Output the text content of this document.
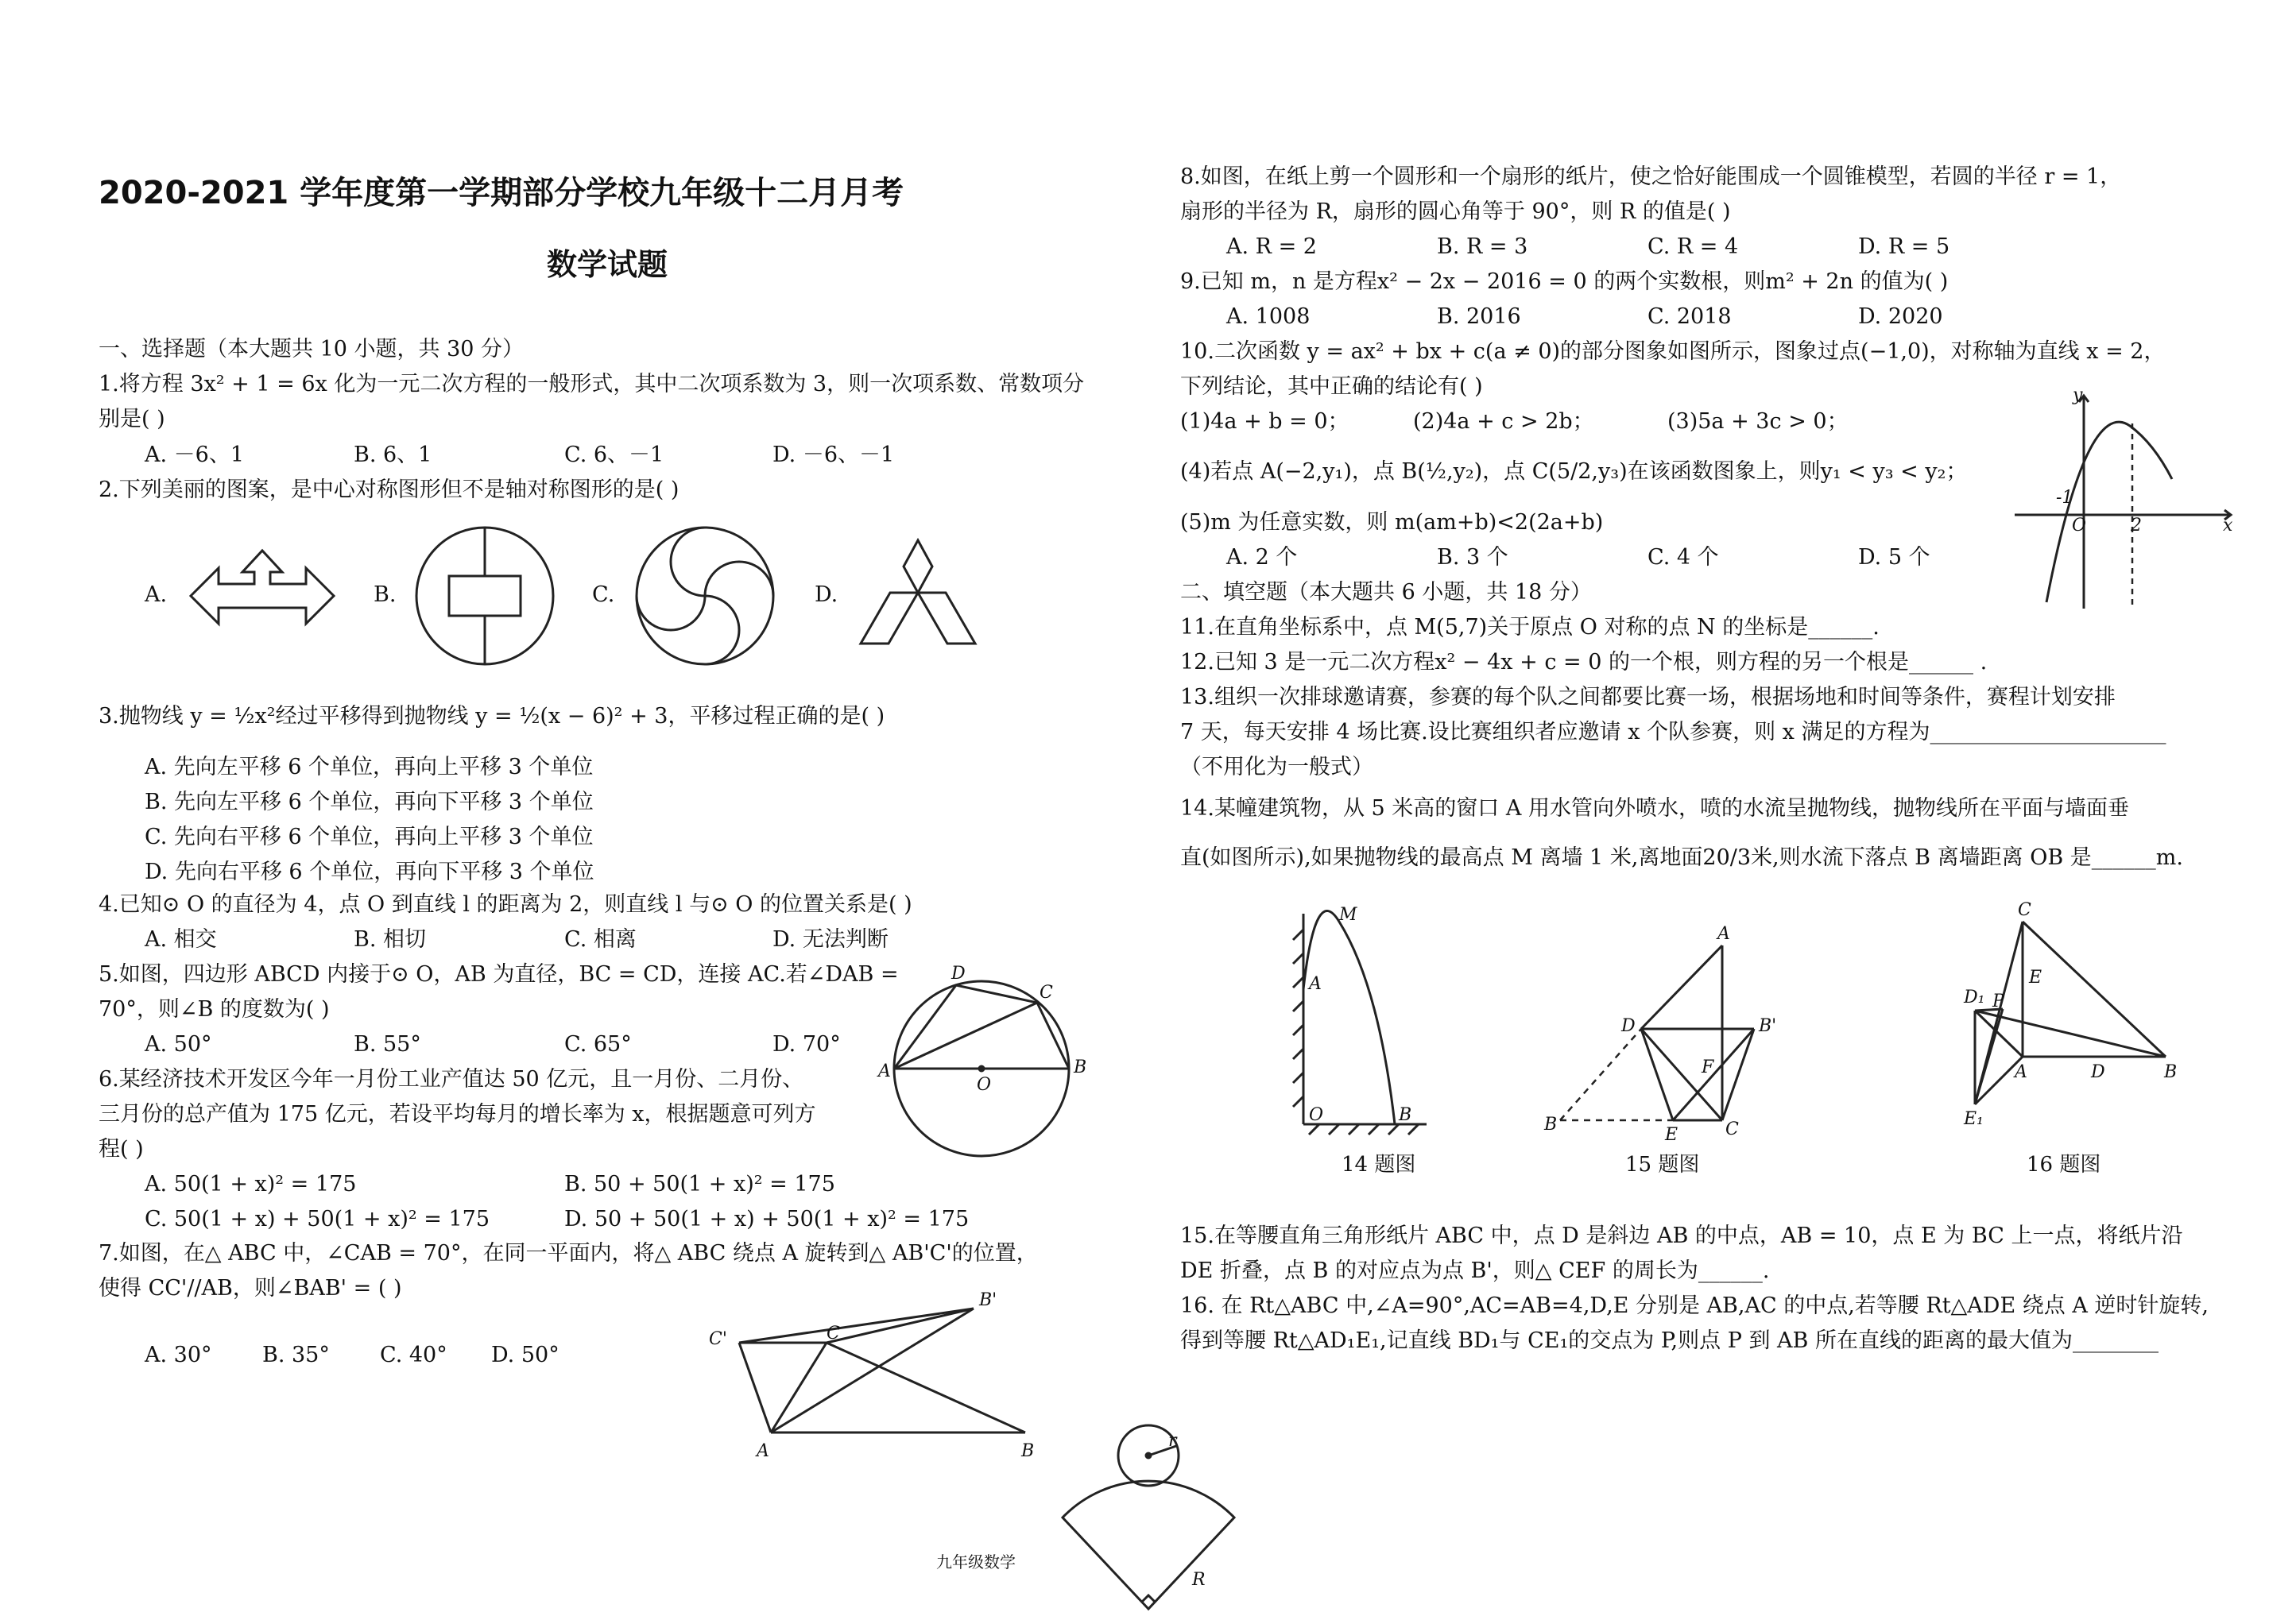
2020-2021 学年度第一学期部分学校九年级十二月月考
数学试题
一、选择题（本大题共 10 小题，共 30 分）
1.将方程 3x² + 1 = 6x 化为一元二次方程的一般形式，其中二次项系数为 3，则一次项系数、常数项分
别是( )
A. －6、1	B. 6、1	C. 6、－1	D. －6、－1
2.下列美丽的图案，是中心对称图形但不是轴对称图形的是( )
A.	B.	C.	D.
3.抛物线 y = ½x²经过平移得到抛物线 y = ½(x − 6)² + 3，平移过程正确的是( )
A. 先向左平移 6 个单位，再向上平移 3 个单位
B. 先向左平移 6 个单位，再向下平移 3 个单位
C. 先向右平移 6 个单位，再向上平移 3 个单位
D. 先向右平移 6 个单位，再向下平移 3 个单位
4.已知⊙ O 的直径为 4，点 O 到直线 l 的距离为 2，则直线 l 与⊙ O 的位置关系是( )
A. 相交	B. 相切	C. 相离	D. 无法判断
5.如图，四边形 ABCD 内接于⊙ O，AB 为直径，BC = CD，连接 AC.若∠DAB =
70°，则∠B 的度数为( )
A. 50°	B. 55°	C. 65°	D. 70°
D
C
A
O
B
6.某经济技术开发区今年一月份工业产值达 50 亿元，且一月份、二月份、
三月份的总产值为 175 亿元，若设平均每月的增长率为 x，根据题意可列方
程( )
A. 50(1 + x)² = 175	B. 50 + 50(1 + x)² = 175
C. 50(1 + x) + 50(1 + x)² = 175	D. 50 + 50(1 + x) + 50(1 + x)² = 175
7.如图，在△ ABC 中，∠CAB = 70°，在同一平面内，将△ ABC 绕点 A 旋转到△ AB'C'的位置，
使得 CC'//AB，则∠BAB' = ( )
A. 30° B. 35° C. 40° D. 50°
C'	C
B'
A	B
r
R
九年级数学
8.如图，在纸上剪一个圆形和一个扇形的纸片，使之恰好能围成一个圆锥模型，若圆的半径 r = 1，
扇形的半径为 R，扇形的圆心角等于 90°，则 R 的值是( )
A. R = 2	B. R = 3	C. R = 4	D. R = 5
9.已知 m，n 是方程x² − 2x − 2016 = 0 的两个实数根，则m² + 2n 的值为( )
A. 1008	B. 2016	C. 2018	D. 2020
10.二次函数 y = ax² + bx + c(a ≠ 0)的部分图象如图所示，图象过点(−1,0)，对称轴为直线 x = 2，
下列结论，其中正确的结论有( )
(1)4a + b = 0；	(2)4a + c > 2b；	(3)5a + 3c > 0；
(4)若点 A(−2,y₁)，点 B(½,y₂)，点 C(5/2,y₃)在该函数图象上，则y₁ < y₃ < y₂；
(5)m 为任意实数，则 m(am+b)<2(2a+b)
A. 2 个	B. 3 个	C. 4 个	D. 5 个
y
x
-1
O	2
二、填空题（本大题共 6 小题，共 18 分）
11.在直角坐标系中，点 M(5,7)关于原点 O 对称的点 N 的坐标是______.
12.已知 3 是一元二次方程x² − 4x + c = 0 的一个根，则方程的另一个根是______ .
13.组织一次排球邀请赛，参赛的每个队之间都要比赛一场，根据场地和时间等条件，赛程计划安排
7 天，每天安排 4 场比赛.设比赛组织者应邀请 x 个队参赛，则 x 满足的方程为______________________
（不用化为一般式）
14.某幢建筑物，从 5 米高的窗口 A 用水管向外喷水，喷的水流呈抛物线，抛物线所在平面与墙面垂
直(如图所示),如果抛物线的最高点 M 离墙 1 米,离地面20/3米,则水流下落点 B 离墙距离 OB 是______m.
M
A
O	B
A
D	B'
F
B
E	C
C
E
D₁ P
A	D	B
E₁
14 题图	15 题图	16 题图
15.在等腰直角三角形纸片 ABC 中，点 D 是斜边 AB 的中点，AB = 10，点 E 为 BC 上一点，将纸片沿
DE 折叠，点 B 的对应点为点 B'，则△ CEF 的周长为______.
16. 在 Rt△ABC 中,∠A=90°,AC=AB=4,D,E 分别是 AB,AC 的中点,若等腰 Rt△ADE 绕点 A 逆时针旋转,
得到等腰 Rt△AD₁E₁,记直线 BD₁与 CE₁的交点为 P,则点 P 到 AB 所在直线的距离的最大值为________
